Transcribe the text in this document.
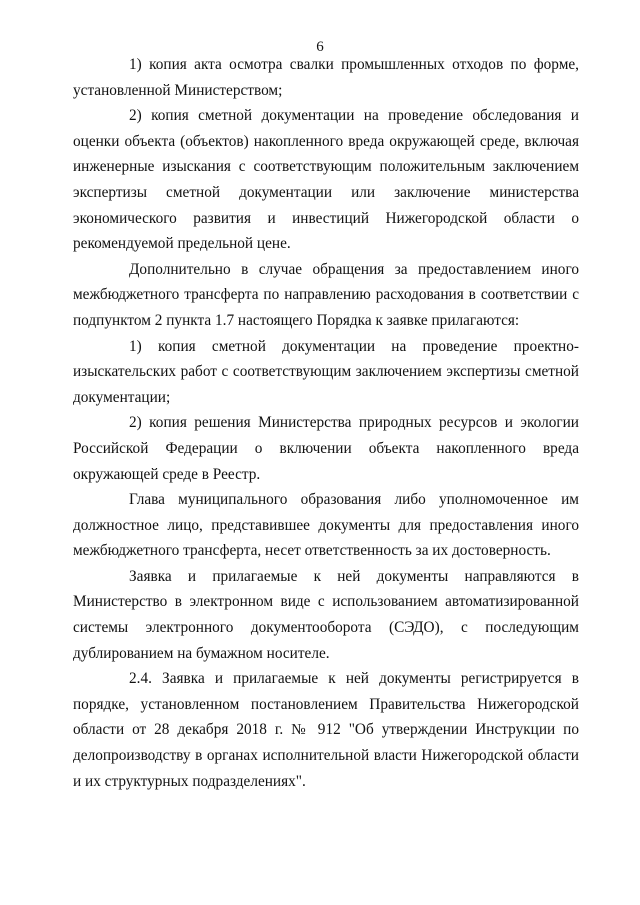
6

1) копия акта осмотра свалки промышленных отходов по форме, установленной Министерством;

2) копия сметной документации на проведение обследования и оценки объекта (объектов) накопленного вреда окружающей среде, включая инженерные изыскания с соответствующим положительным заключением экспертизы сметной документации или заключение министерства экономического развития и инвестиций Нижегородской области о рекомендуемой предельной цене.

Дополнительно в случае обращения за предоставлением иного межбюджетного трансферта по направлению расходования в соответствии с подпунктом 2 пункта 1.7 настоящего Порядка к заявке прилагаются:

1) копия сметной документации на проведение проектно-изыскательских работ с соответствующим заключением экспертизы сметной документации;

2) копия решения Министерства природных ресурсов и экологии Российской Федерации о включении объекта накопленного вреда окружающей среде в Реестр.

Глава муниципального образования либо уполномоченное им должностное лицо, представившее документы для предоставления иного межбюджетного трансферта, несет ответственность за их достоверность.

Заявка и прилагаемые к ней документы направляются в Министерство в электронном виде с использованием автоматизированной системы электронного документооборота (СЭДО), с последующим дублированием на бумажном носителе.

2.4. Заявка и прилагаемые к ней документы регистрируется в порядке, установленном постановлением Правительства Нижегородской области от 28 декабря 2018 г. № 912 "Об утверждении Инструкции по делопроизводству в органах исполнительной власти Нижегородской области и их структурных подразделениях".
